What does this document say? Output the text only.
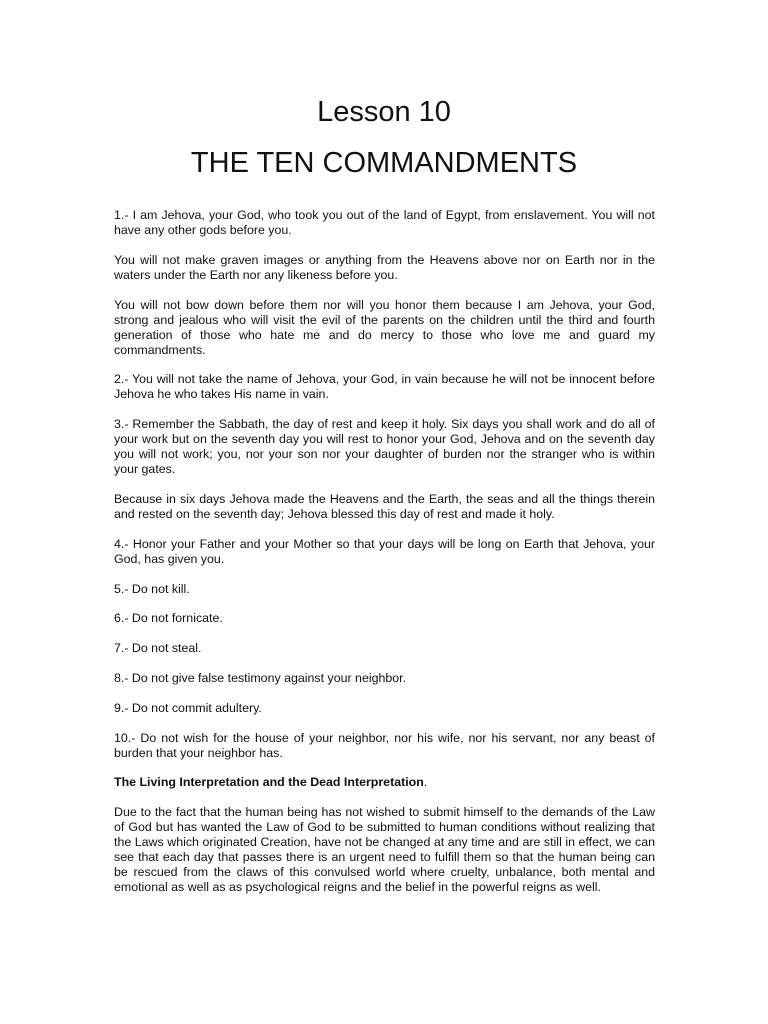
Lesson 10
THE TEN COMMANDMENTS

1.- I am Jehova, your God, who took you out of the land of Egypt, from enslavement. You will not have any other gods before you.

You will not make graven images or anything from the Heavens above nor on Earth nor in the waters under the Earth nor any likeness before you.

You will not bow down before them nor will you honor them because I am Jehova, your God, strong and jealous who will visit the evil of the parents on the children until the third and fourth generation of those who hate me and do mercy to those who love me and guard my commandments.

2.- You will not take the name of Jehova, your God, in vain because he will not be innocent before Jehova he who takes His name in vain.

3.- Remember the Sabbath, the day of rest and keep it holy. Six days you shall work and do all of your work but on the seventh day you will rest to honor your God, Jehova and on the seventh day you will not work; you, nor your son nor your daughter of burden nor the stranger who is within your gates.

Because in six days Jehova made the Heavens and the Earth, the seas and all the things therein and rested on the seventh day; Jehova blessed this day of rest and made it holy.

4.- Honor your Father and your Mother so that your days will be long on Earth that Jehova, your God, has given you.

5.- Do not kill.

6.- Do not fornicate.

7.- Do not steal.

8.- Do not give false testimony against your neighbor.

9.- Do not commit adultery.

10.- Do not wish for the house of your neighbor, nor his wife, nor his servant, nor any beast of burden that your neighbor has.

The Living Interpretation and the Dead Interpretation.

Due to the fact that the human being has not wished to submit himself to the demands of the Law of God but has wanted the Law of God to be submitted to human conditions without realizing that the Laws which originated Creation, have not be changed at any time and are still in effect, we can see that each day that passes there is an urgent need to fulfill them so that the human being can be rescued from the claws of this convulsed world where cruelty, unbalance, both mental and emotional as well as as psychological reigns and the belief in the powerful reigns as well.
